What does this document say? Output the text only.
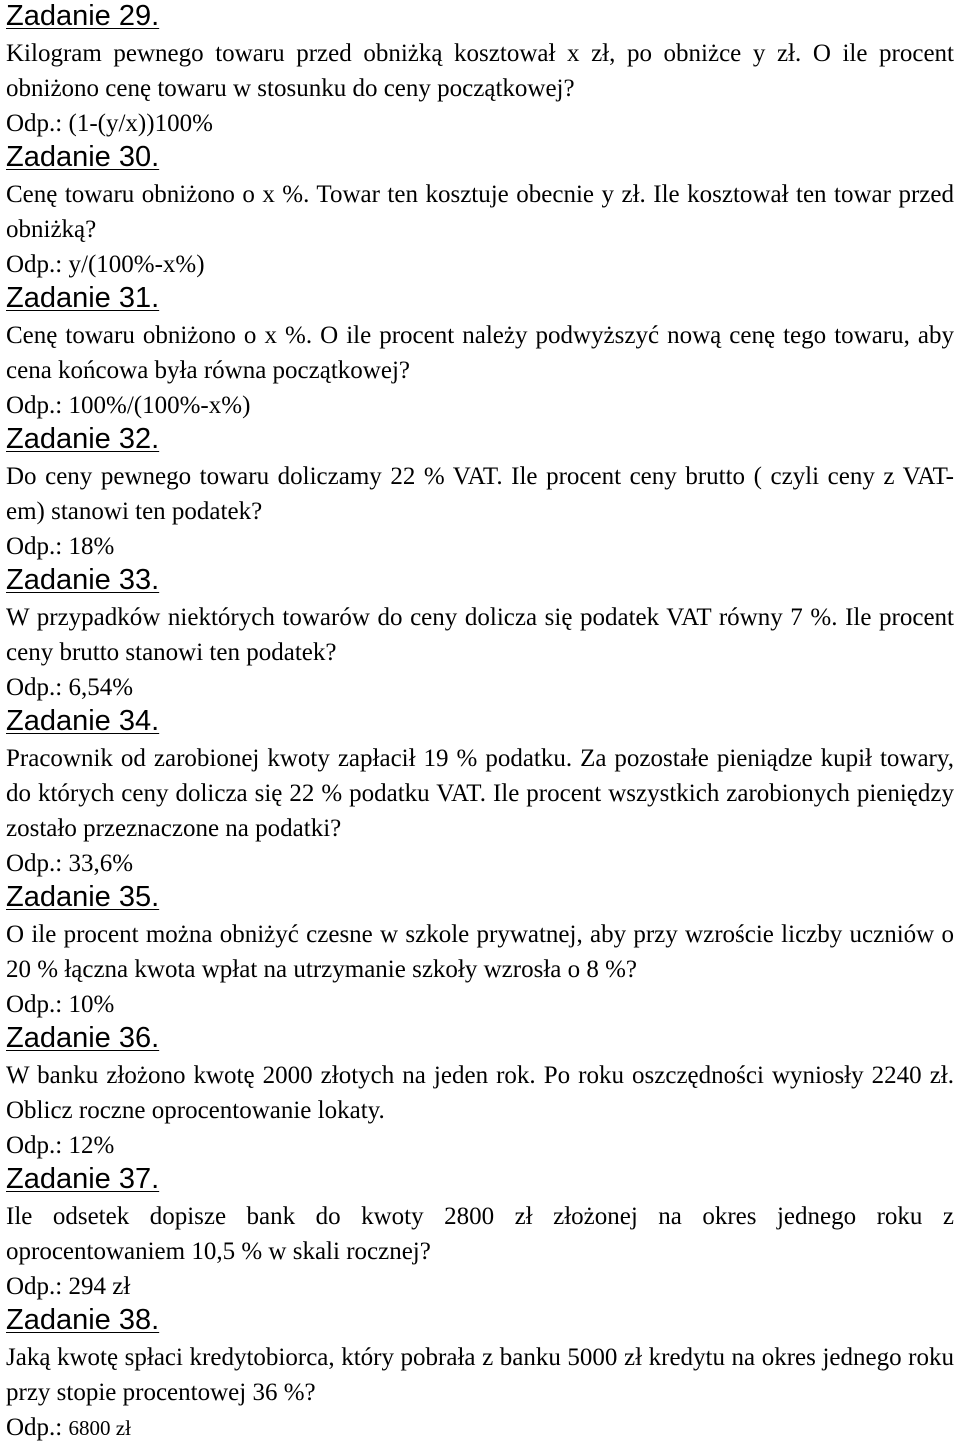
Zadanie 29.

Kilogram pewnego towaru przed obniżką kosztował x zł, po obniżce y zł. O ile procent obniżono cenę towaru w stosunku do ceny początkowej?

Odp.: (1-(y/x))100%

Zadanie 30.

Cenę towaru obniżono o x %. Towar ten kosztuje obecnie y zł. Ile kosztował ten towar przed obniżką?

Odp.: y/(100%-x%)

Zadanie 31.

Cenę towaru obniżono o x %. O ile procent należy podwyższyć nową cenę tego towaru, aby cena końcowa była równa początkowej?

Odp.: 100%/(100%-x%)

Zadanie 32.

Do ceny pewnego towaru doliczamy 22 % VAT. Ile procent ceny brutto ( czyli ceny z VAT- em) stanowi ten podatek?

Odp.: 18%

Zadanie 33.

W przypadków niektórych towarów do ceny dolicza się podatek VAT równy 7 %. Ile procent ceny brutto stanowi ten podatek?

Odp.: 6,54%

Zadanie 34.

Pracownik od zarobionej kwoty zapłacił 19 % podatku. Za pozostałe pieniądze kupił towary, do których ceny dolicza się 22 % podatku VAT. Ile procent wszystkich zarobionych pieniędzy zostało przeznaczone na podatki?

Odp.: 33,6%

Zadanie 35.

O ile procent można obniżyć czesne w szkole prywatnej, aby przy wzroście liczby uczniów o 20 % łączna kwota wpłat na utrzymanie szkoły wzrosła o 8 %?

Odp.: 10%

Zadanie 36.

W banku złożono kwotę 2000 złotych na jeden rok. Po roku oszczędności wyniosły 2240 zł. Oblicz roczne oprocentowanie lokaty.

Odp.: 12%

Zadanie 37.

Ile odsetek dopisze bank do kwoty 2800 zł złożonej na okres jednego roku z oprocentowaniem 10,5 % w skali rocznej?

Odp.: 294 zł

Zadanie 38.

Jaką kwotę spłaci kredytobiorca, który pobrała z banku 5000 zł kredytu na okres jednego roku przy stopie procentowej 36 %?

Odp.: 6800 zł
